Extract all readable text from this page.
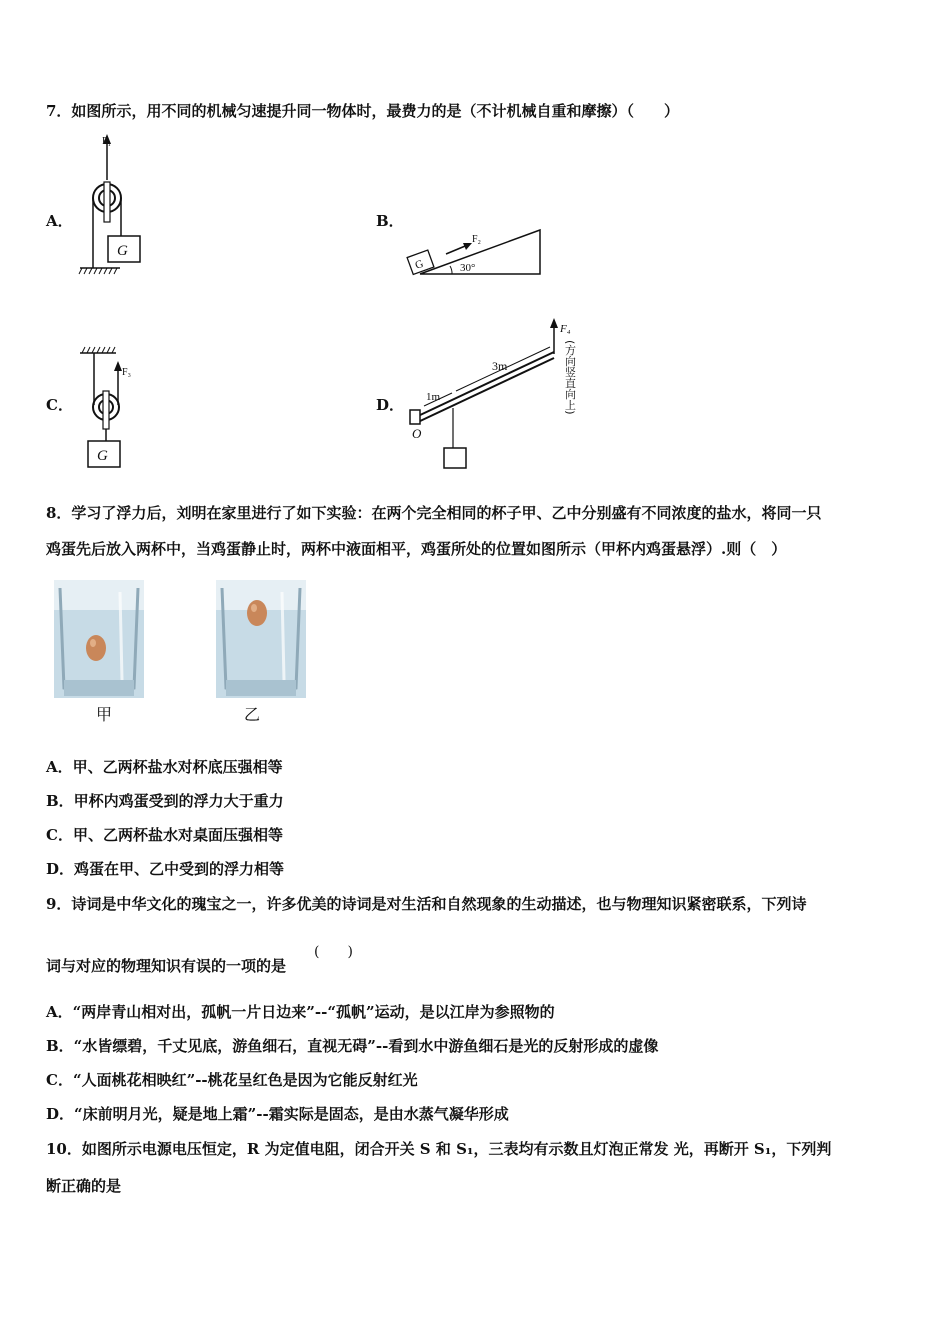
7．如图所示，用不同的机械匀速提升同一物体时，最费力的是（不计机械自重和摩擦）（　　）
A．
F₁
G
B．
G
F₂
30°
C．
F₃
G
D．
O
1m
3m
F₄
(方向竖直向上)
8．学习了浮力后，刘明在家里进行了如下实验：在两个完全相同的杯子甲、乙中分别盛有不同浓度的盐水，将同一只
鸡蛋先后放入两杯中，当鸡蛋静止时，两杯中液面相平，鸡蛋所处的位置如图所示（甲杯内鸡蛋悬浮）.则（　）
甲	乙
A．甲、乙两杯盐水对杯底压强相等
B．甲杯内鸡蛋受到的浮力大于重力
C．甲、乙两杯盐水对桌面压强相等
D．鸡蛋在甲、乙中受到的浮力相等
9．诗词是中华文化的瑰宝之一，许多优美的诗词是对生活和自然现象的生动描述，也与物理知识紧密联系，下列诗
词与对应的物理知识有误的一项的是
(　　)
A．“两岸青山相对出，孤帆一片日边来”--“孤帆”运动，是以江岸为参照物的
B．“水皆缥碧，千丈见底，游鱼细石，直视无碍”--看到水中游鱼细石是光的反射形成的虚像
C．“人面桃花相映红”--桃花呈红色是因为它能反射红光
D．“床前明月光，疑是地上霜”--霜实际是固态，是由水蒸气凝华形成
10．如图所示电源电压恒定，R 为定值电阻，闭合开关 S 和 S₁，三表均有示数且灯泡正常发 光，再断开 S₁，下列判
断正确的是
